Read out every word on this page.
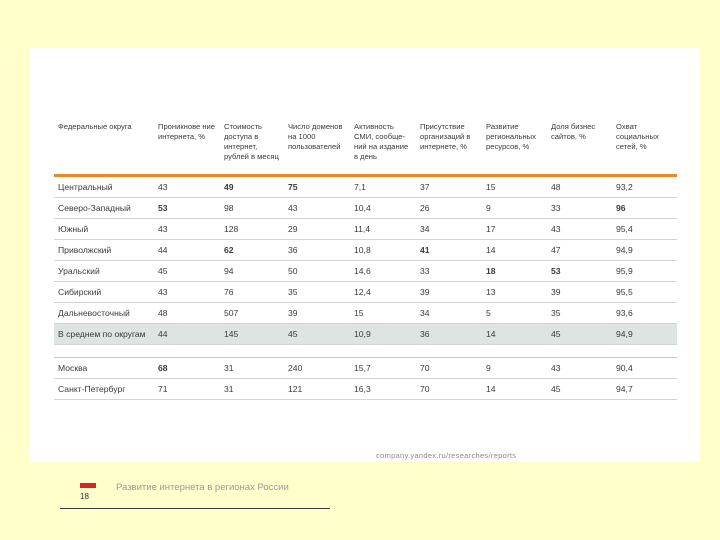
Федеральные округа	Проникнове ние интернета, %	Стоимость доступа в интернет, рублей в месяц	Число доменов на 1000 пользователей	Активность СМИ, сообще- ний на издание в день	Присутствие организаций в интернете, %	Развитие региональных ресурсов, %	Доля бизнес сайтов, %	Охват социальных сетей, %
Центральный	43	49	75	7,1	37	15	48	93,2
Северо-Западный	53	98	43	10,4	26	9	33	96
Южный	43	128	29	11,4	34	17	43	95,4
Приволжский	44	62	36	10,8	41	14	47	94,9
Уральский	45	94	50	14,6	33	18	53	95,9
Сибирский	43	76	35	12,4	39	13	39	95,5
Дальневосточный	48	507	39	15	34	5	35	93,6
В среднем по округам	44	145	45	10,9	36	14	45	94,9

Москва	68	31	240	15,7	70	9	43	90,4
Санкт-Петербург	71	31	121	16,3	70	14	45	94,7
company.yandex.ru/researches/reports
18
Развитие интернета в регионах России
